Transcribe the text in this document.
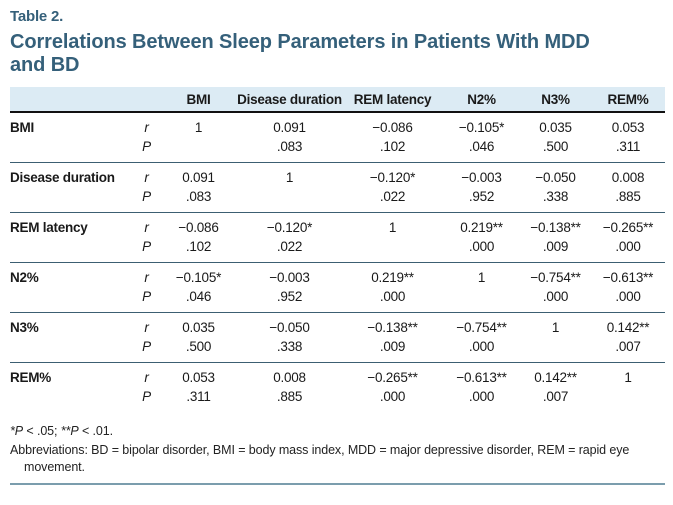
Table 2.
Correlations Between Sleep Parameters in Patients With MDD and BD
		BMI	Disease duration	REM latency	N2%	N3%	REM%
BMI	r	1	0.091	−0.086	−0.105*	0.035	0.053
	P		.083	.102	.046	.500	.311
Disease duration	r	0.091	1	−0.120*	−0.003	−0.050	0.008
	P	.083		.022	.952	.338	.885
REM latency	r	−0.086	−0.120*	1	0.219**	−0.138**	−0.265**
	P	.102	.022		.000	.009	.000
N2%	r	−0.105*	−0.003	0.219**	1	−0.754**	−0.613**
	P	.046	.952	.000		.000	.000
N3%	r	0.035	−0.050	−0.138**	−0.754**	1	0.142**
	P	.500	.338	.009	.000		.007
REM%	r	0.053	0.008	−0.265**	−0.613**	0.142**	1
	P	.311	.885	.000	.000	.007	
*P < .05; **P < .01.
Abbreviations: BD = bipolar disorder, BMI = body mass index, MDD = major depressive disorder, REM = rapid eye movement.
